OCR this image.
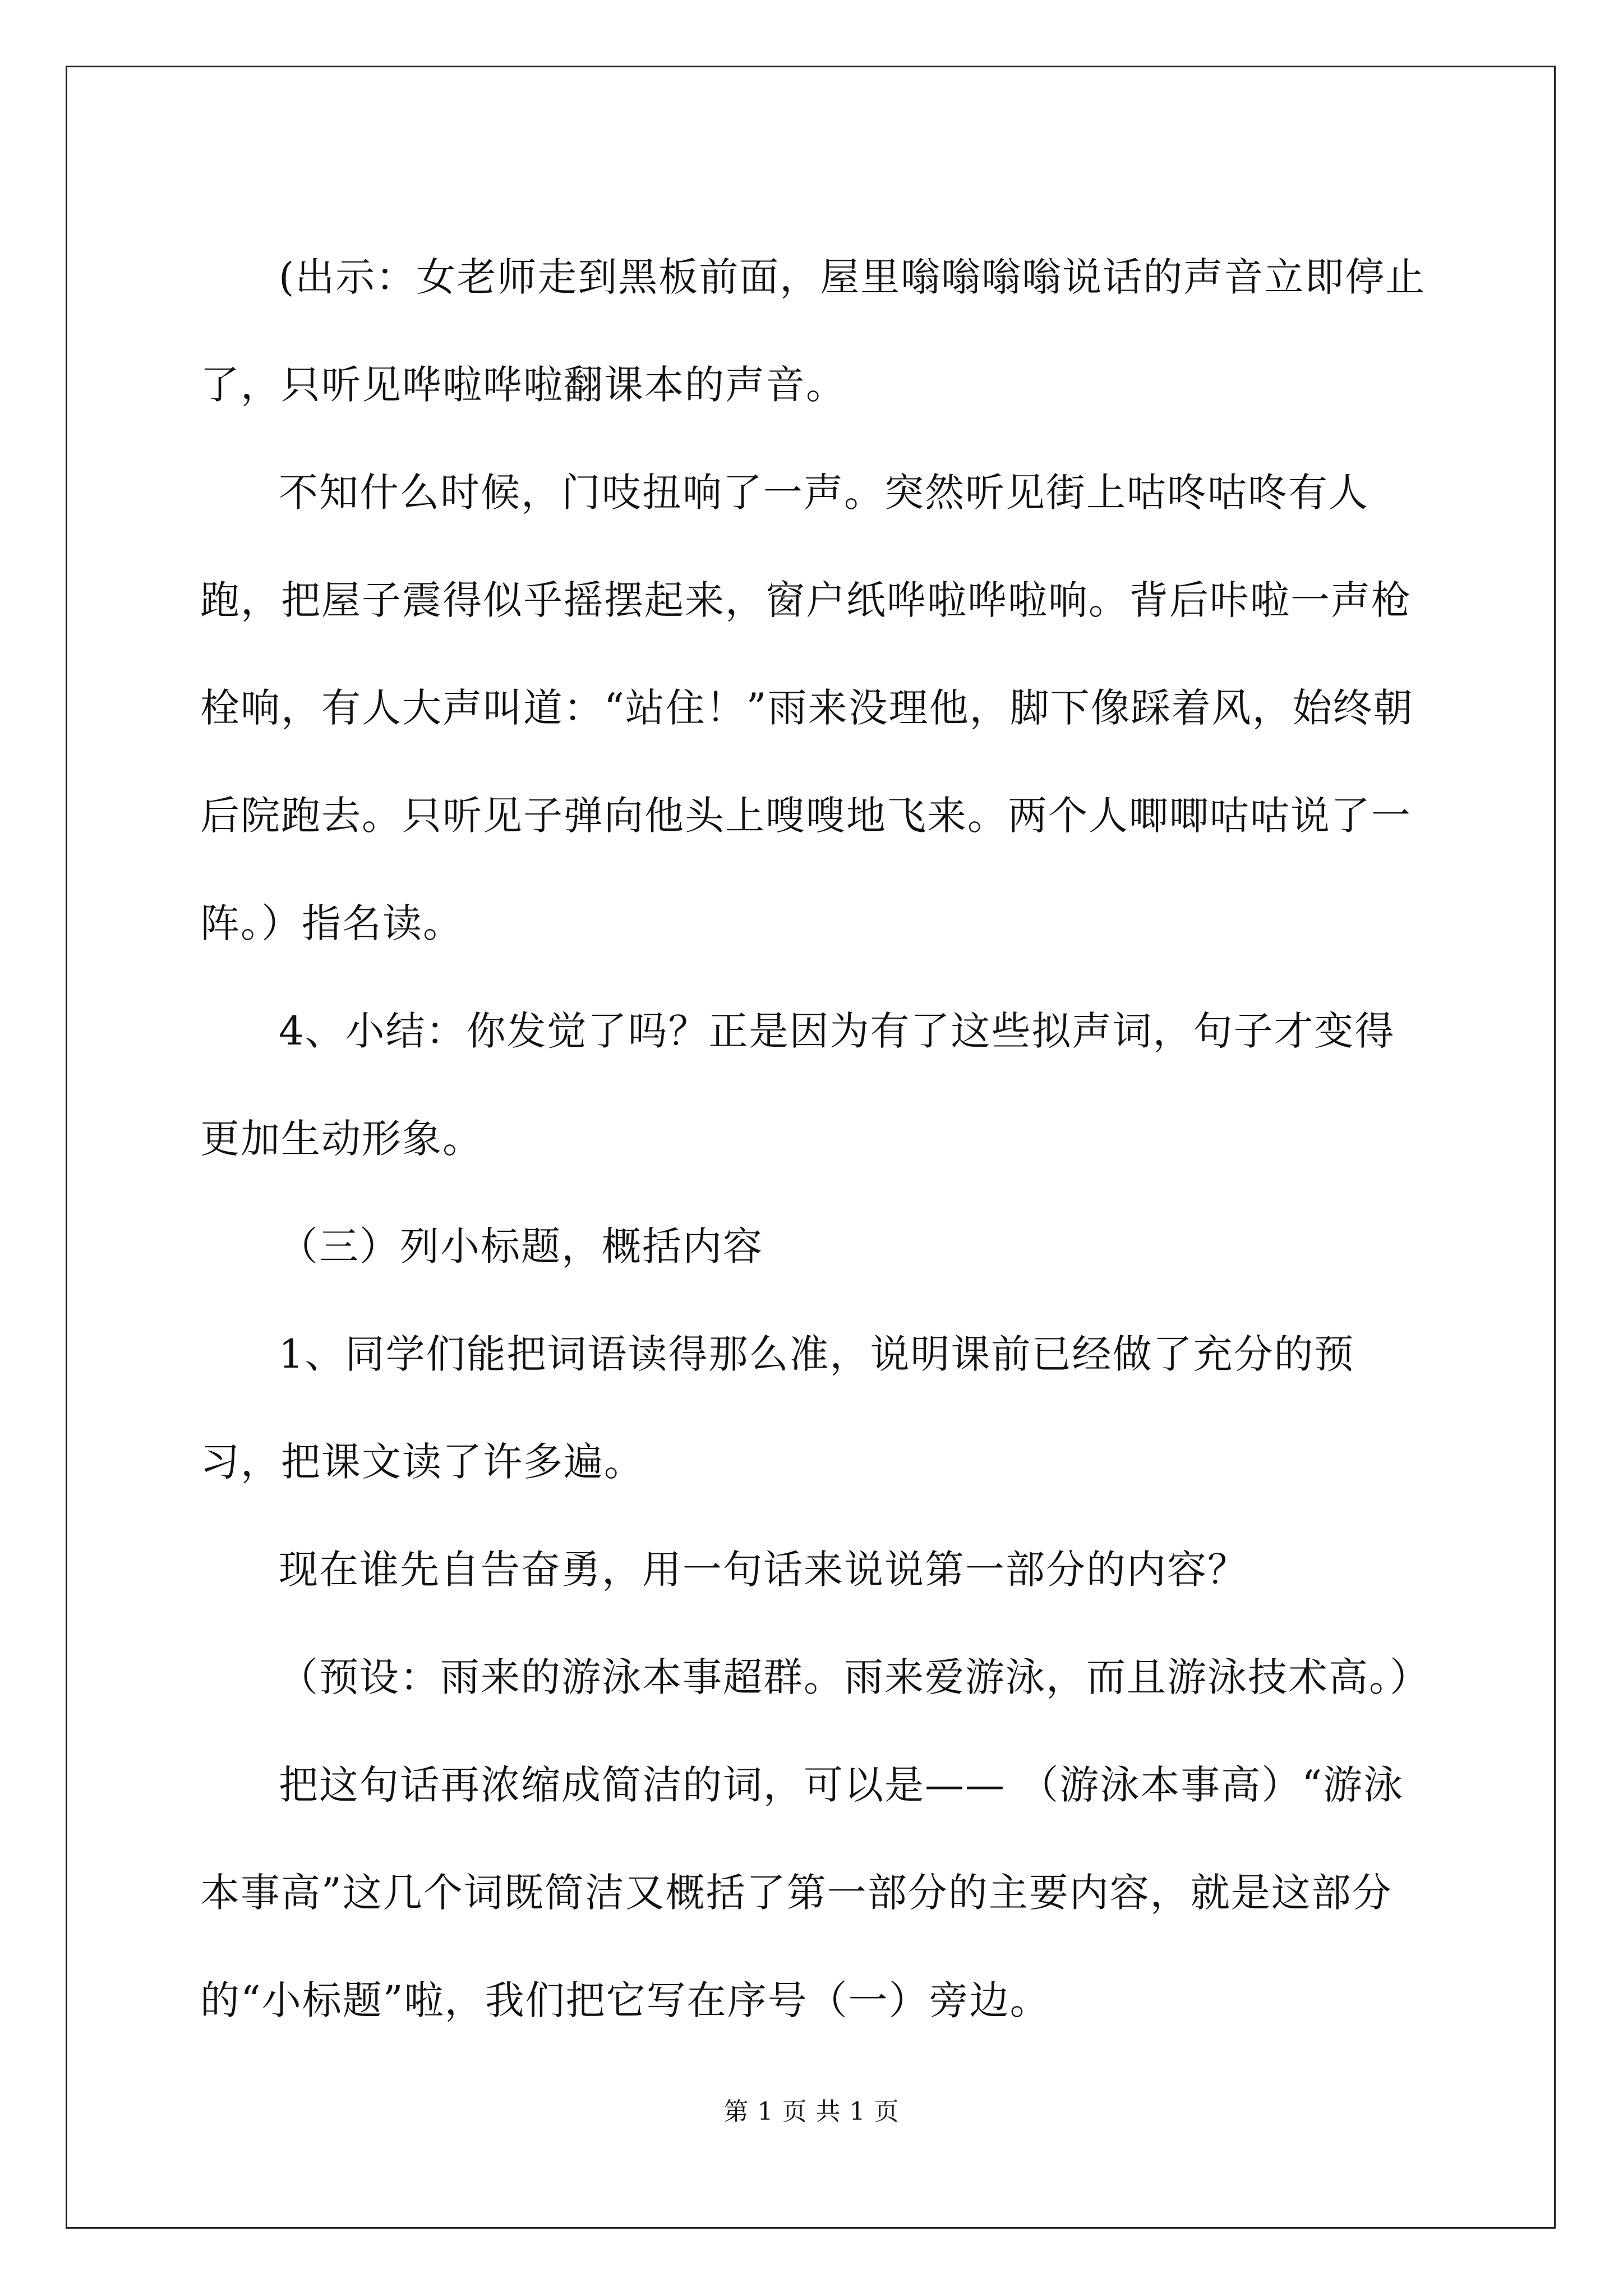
(出示：女老师走到黑板前面，屋里嗡嗡嗡嗡说话的声音立即停止了，只听见哗啦哗啦翻课本的声音。

不知什么时候，门吱扭响了一声。突然听见街上咕咚咕咚有人跑，把屋子震得似乎摇摆起来，窗户纸哗啦哗啦响。背后咔啦一声枪栓响，有人大声叫道：“站住！”雨来没理他，脚下像踩着风，始终朝后院跑去。只听见子弹向他头上嗖嗖地飞来。两个人唧唧咕咕说了一阵。）指名读。

4、小结：你发觉了吗？正是因为有了这些拟声词，句子才变得更加生动形象。

（三）列小标题，概括内容

1、同学们能把词语读得那么准，说明课前已经做了充分的预习，把课文读了许多遍。

现在谁先自告奋勇，用一句话来说说第一部分的内容？

（预设：雨来的游泳本事超群。雨来爱游泳，而且游泳技术高。）

把这句话再浓缩成简洁的词，可以是—— （游泳本事高）“游泳本事高”这几个词既简洁又概括了第一部分的主要内容，就是这部分的“小标题”啦，我们把它写在序号（一）旁边。

第 1 页 共 1 页
